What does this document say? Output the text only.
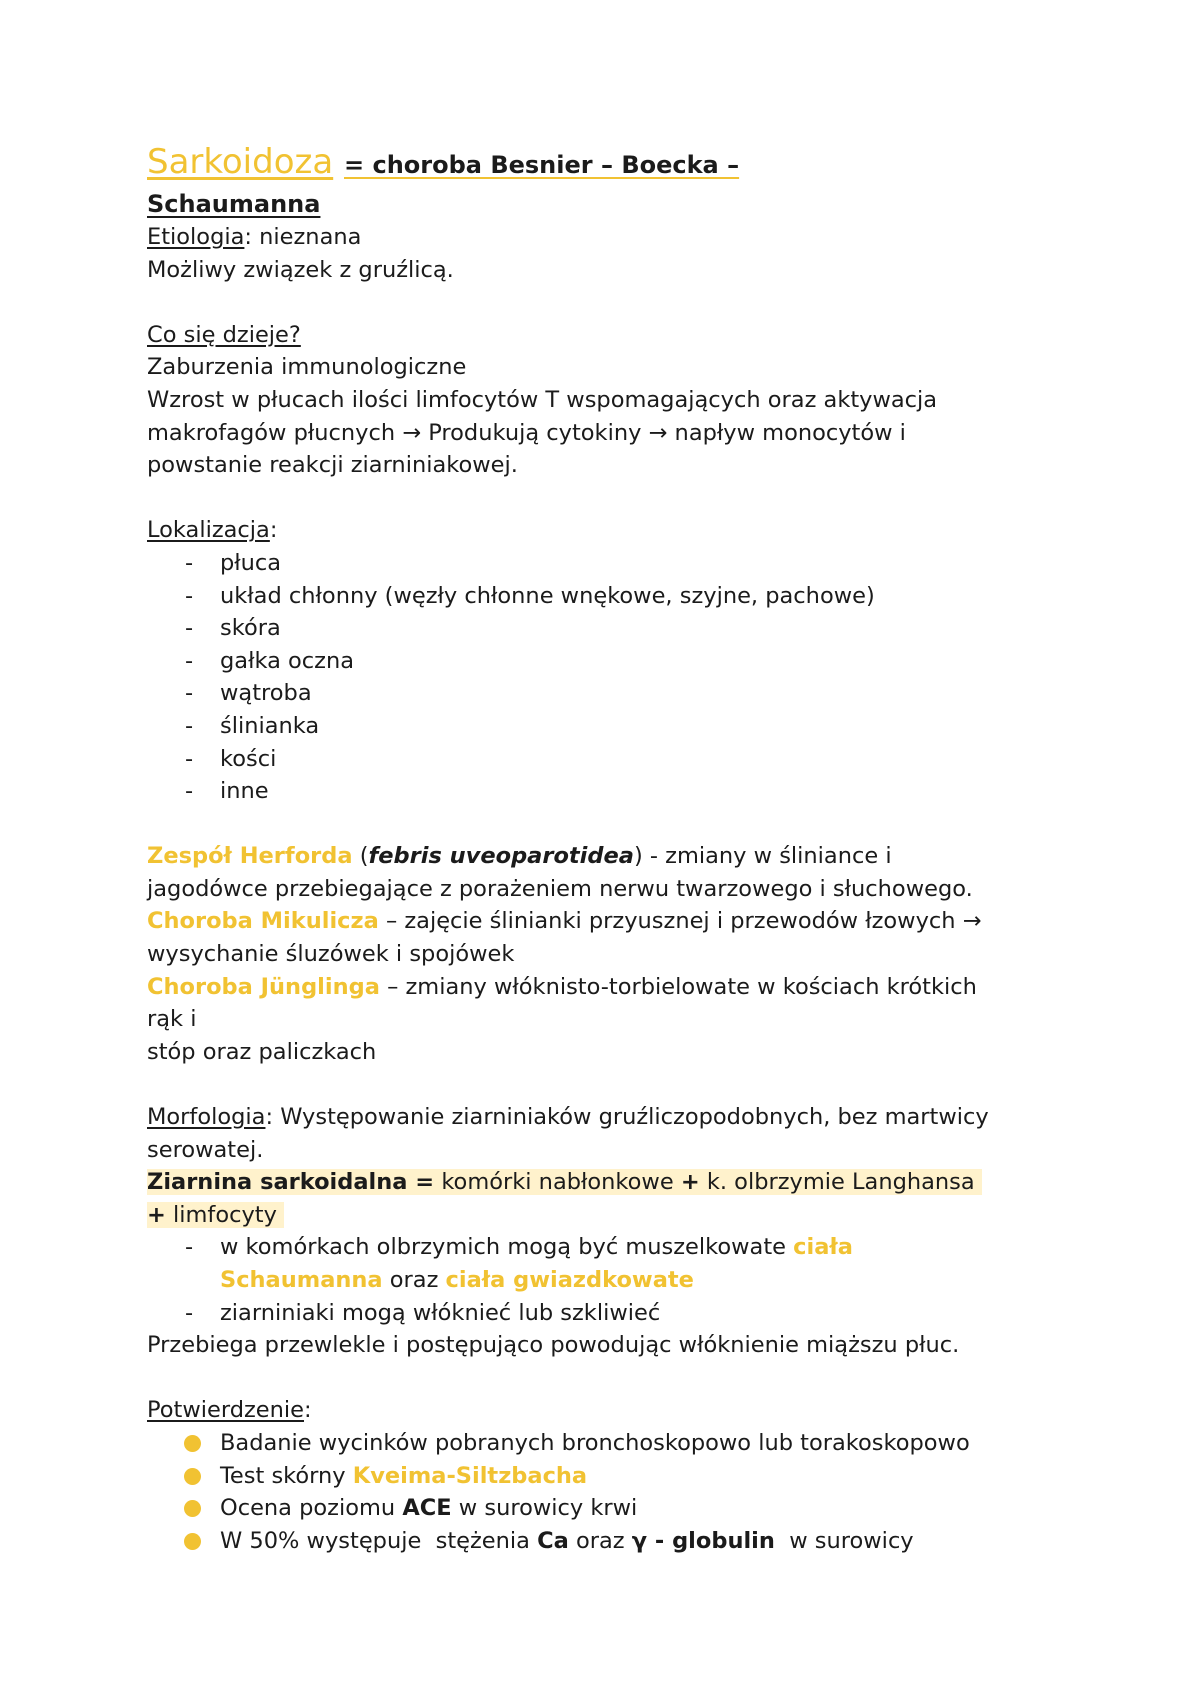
Sarkoidoza = choroba Besnier – Boecka –
Schaumanna
Etiologia: nieznana
Możliwy związek z gruźlicą.
Co się dzieje?
Zaburzenia immunologiczne
Wzrost w płucach ilości limfocytów T wspomagających oraz aktywacja
makrofagów płucnych → Produkują cytokiny → napływ monocytów i
powstanie reakcji ziarniniakowej.
Lokalizacja:
- płuca
- układ chłonny (węzły chłonne wnękowe, szyjne, pachowe)
- skóra
- gałka oczna
- wątroba
- ślinianka
- kości
- inne
Zespół Herforda (febris uveoparotidea) - zmiany w śliniance i
jagodówce przebiegające z porażeniem nerwu twarzowego i słuchowego.
Choroba Mikulicza – zajęcie ślinianki przyusznej i przewodów łzowych →
wysychanie śluzówek i spojówek
Choroba Jünglinga – zmiany włóknisto-torbielowate w kościach krótkich
rąk i
stóp oraz paliczkach
Morfologia: Występowanie ziarniniaków gruźliczopodobnych, bez martwicy
serowatej.
Ziarnina sarkoidalna = komórki nabłonkowe + k. olbrzymie Langhansa
+ limfocyty
- w komórkach olbrzymich mogą być muszelkowate ciała
Schaumanna oraz ciała gwiazdkowate
- ziarniniaki mogą włóknieć lub szkliwieć
Przebiega przewlekle i postępująco powodując włóknienie miąższu płuc.
Potwierdzenie:
Badanie wycinków pobranych bronchoskopowo lub torakoskopowo
Test skórny Kveima-Siltzbacha
Ocena poziomu ACE w surowicy krwi
W 50% występuje  stężenia Ca oraz γ - globulin  w surowicy
